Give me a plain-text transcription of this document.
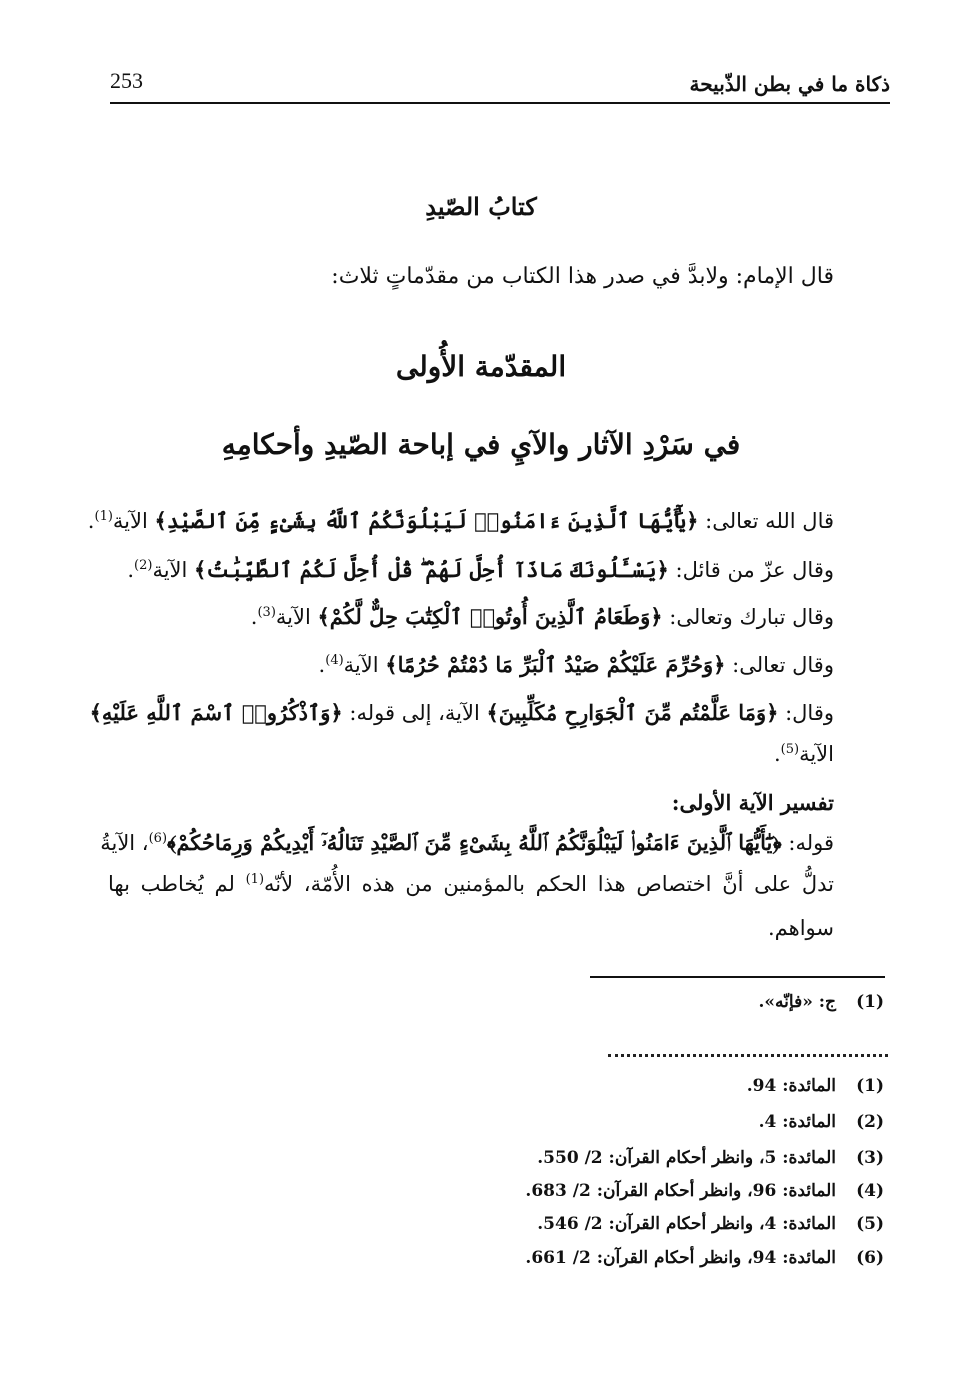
ذكاة ما في بطن الذّبيحة
253
كتابُ الصّيدِ
قال الإمام: ولابدَّ في صدر هذا الكتاب من مقدّماتٍ ثلاث:
المقدّمة الأُولى
في سَرْدِ الآثار والآيِ في إباحة الصّيدِ وأحكامِهِ
قال الله تعالى: ﴿يَٰٓأَيُّهَا ٱلَّذِينَ ءَامَنُوا۟ لَيَبْلُوَنَّكُمُ ٱللَّهُ بِشَىْءٍ مِّنَ ٱلصَّيْدِ﴾ الآية$^{(1)}$.
وقال عزّ من قائل: ﴿يَسْـَٔلُونَكَ مَاذَآ أُحِلَّ لَهُمْ ۖ قُلْ أُحِلَّ لَكُمُ ٱلطَّيِّبَٰتُ﴾ الآية$^{(2)}$.
وقال تبارك وتعالى: ﴿وَطَعَامُ ٱلَّذِينَ أُوتُوا۟ ٱلْكِتَٰبَ حِلٌّ لَّكُمْ﴾ الآية$^{(3)}$.
وقال تعالى: ﴿وَحُرِّمَ عَلَيْكُمْ صَيْدُ ٱلْبَرِّ مَا دُمْتُمْ حُرُمًا﴾ الآية$^{(4)}$.
وقال: ﴿وَمَا عَلَّمْتُم مِّنَ ٱلْجَوَارِحِ مُكَلِّبِينَ﴾ الآية، إلى قوله: ﴿وَٱذْكُرُوا۟ ٱسْمَ ٱللَّهِ عَلَيْهِ﴾
الآية$^{(5)}$.
تفسير الآية الأولى:
قوله: ﴿يَٰٓأَيُّهَا ٱلَّذِينَ ءَامَنُوا۟ لَيَبْلُوَنَّكُمُ ٱللَّهُ بِشَىْءٍ مِّنَ ٱلصَّيْدِ تَنَالُهُۥٓ أَيْدِيكُمْ وَرِمَاحُكُمْ﴾$^{(6)}$، الآيةُ
تدلُّ على أنَّ اختصاص هذا الحكم بالمؤمنين من هذه الأُمّة، لأنّه$^{(1)}$ لم يُخاطب بها
سواهم.
(1)ج: «فإنّه».
(1)المائدة: 94.
(2)المائدة: 4.
(3)المائدة: 5، وانظر أحكام القرآن: 2/ 550.
(4)المائدة: 96، وانظر أحكام القرآن: 2/ 683.
(5)المائدة: 4، وانظر أحكام القرآن: 2/ 546.
(6)المائدة: 94، وانظر أحكام القرآن: 2/ 661.
